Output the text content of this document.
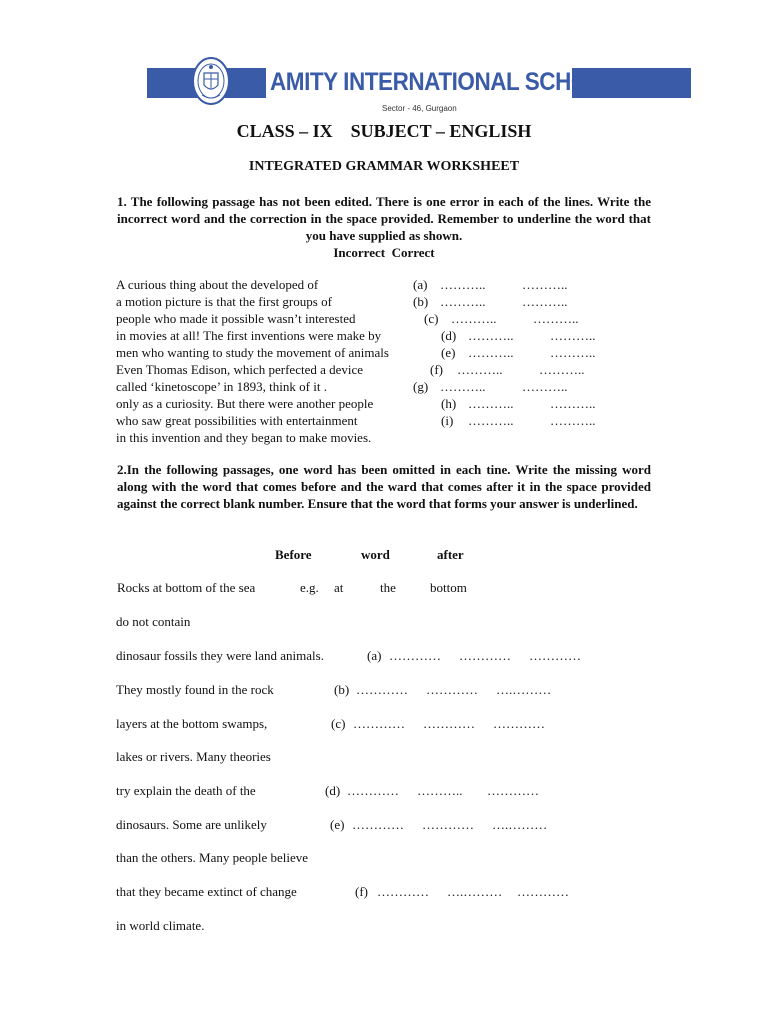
AMITY INTERNATIONAL SCHOOL
Sector - 46, Gurgaon
CLASS – IX    SUBJECT – ENGLISH
INTEGRATED GRAMMAR WORKSHEET
1. The following passage has not been edited. There is one error in each of the lines. Write the incorrect word and the correction in the space provided. Remember to underline the word that you have supplied as shown.
Incorrect  Correct
A curious thing about the developed of	(a) ………..	………..
a motion picture is that the first groups of	(b) ………..	………..
people who made it possible wasn’t interested	(c) ………..	………..
in movies at all! The first inventions were make by	(d) ………..	………..
men who wanting to study the movement of animals	(e) ………..	………..
Even Thomas Edison, which perfected a device	(f) ………..	………..
called ‘kinetoscope’ in 1893, think of it .	(g) ………..	………..
only as a curiosity. But there were another people	(h) ………..	………..
who saw great possibilities with entertainment	(i) ………..	………..
in this invention and they began to make movies.
2.In the following passages, one word has been omitted in each tine. Write the missing word along with the word that comes before and the ward that comes after it in the space provided against the correct blank number. Ensure that the word that forms your answer is underlined.
Before	word	after
Rocks at bottom of the sea	e.g. at	the	bottom
do not contain
dinosaur fossils they were land animals.	(a) ………… ………… …………
They mostly found in the rock	(b) ………… ………… ….………
layers at the bottom swamps,	(c) ………… ………… …………
lakes or rivers. Many theories
try explain the death of the	(d) ………… ……….. …………
dinosaurs. Some are unlikely	(e) ………… ………… ….………
than the others. Many people believe
that they became extinct of change	(f) ………… ….……… …………
in world climate.
